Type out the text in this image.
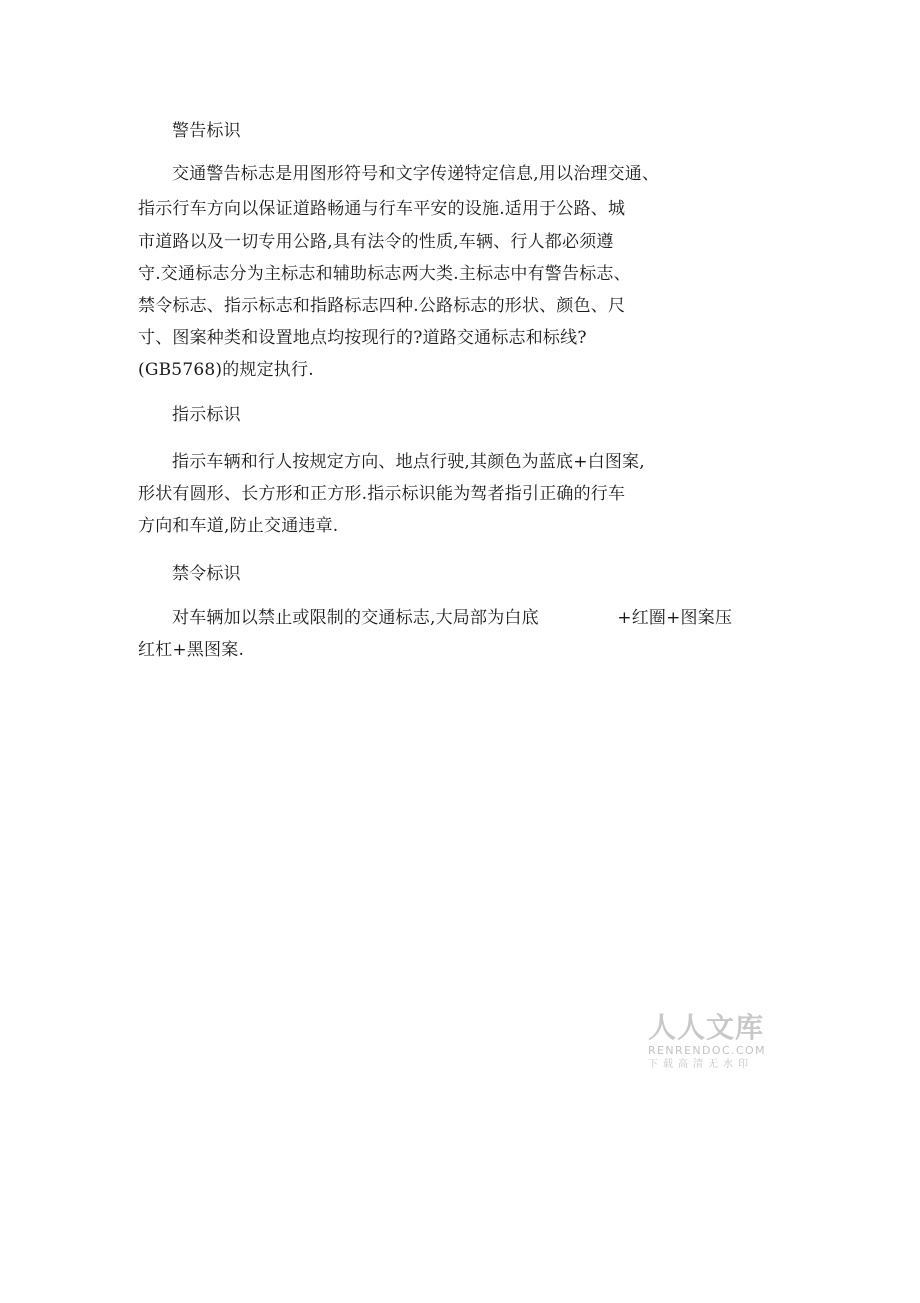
警告标识
交通警告标志是用图形符号和文字传递特定信息,用以治理交通、
指示行车方向以保证道路畅通与行车平安的设施.适用于公路、城
市道路以及一切专用公路,具有法令的性质,车辆、行人都必须遵
守.交通标志分为主标志和辅助标志两大类.主标志中有警告标志、
禁令标志、指示标志和指路标志四种.公路标志的形状、颜色、尺
寸、图案种类和设置地点均按现行的?道路交通标志和标线?
(GB5768)的规定执行.
指示标识
指示车辆和行人按规定方向、地点行驶,其颜色为蓝底+白图案,
形状有圆形、长方形和正方形.指示标识能为驾者指引正确的行车
方向和车道,防止交通违章.
禁令标识
对车辆加以禁止或限制的交通标志,大局部为白底              +红圈+图案压
红杠+黑图案.
人人文库
RENRENDOC.COM
下载高清无水印
